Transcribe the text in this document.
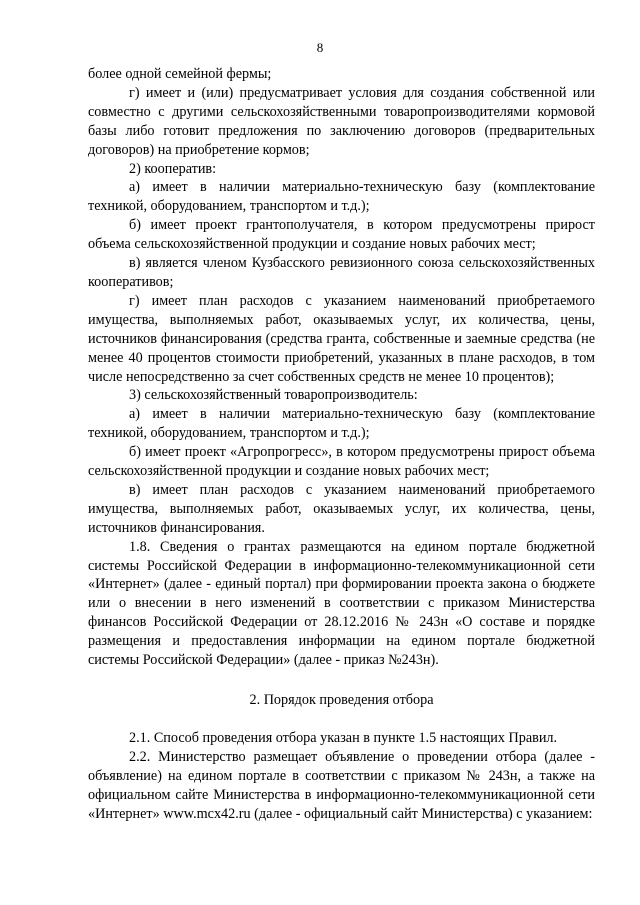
8

более одной семейной фермы;

г) имеет и (или) предусматривает условия для создания собственной или совместно с другими сельскохозяйственными товаропроизводителями кормовой базы либо готовит предложения по заключению договоров (предварительных договоров) на приобретение кормов;

2) кооператив:

а) имеет в наличии материально-техническую базу (комплектование техникой, оборудованием, транспортом и т.д.);

б) имеет проект грантополучателя, в котором предусмотрены прирост объема сельскохозяйственной продукции и создание новых рабочих мест;

в) является членом Кузбасского ревизионного союза сельскохозяйственных кооперативов;

г) имеет план расходов с указанием наименований приобретаемого имущества, выполняемых работ, оказываемых услуг, их количества, цены, источников финансирования (средства гранта, собственные и заемные средства (не менее 40 процентов стоимости приобретений, указанных в плане расходов, в том числе непосредственно за счет собственных средств не менее 10 процентов);

3) сельскохозяйственный товаропроизводитель:

а) имеет в наличии материально-техническую базу (комплектование техникой, оборудованием, транспортом и т.д.);

б) имеет проект «Агропрогресс», в котором предусмотрены прирост объема сельскохозяйственной продукции и создание новых рабочих мест;

в) имеет план расходов с указанием наименований приобретаемого имущества, выполняемых работ, оказываемых услуг, их количества, цены, источников финансирования.

1.8. Сведения о грантах размещаются на едином портале бюджетной системы Российской Федерации в информационно-телекоммуникационной сети «Интернет» (далее - единый портал) при формировании проекта закона о бюджете или о внесении в него изменений в соответствии с приказом Министерства финансов Российской Федерации от 28.12.2016 № 243н «О составе и порядке размещения и предоставления информации на едином портале бюджетной системы Российской Федерации» (далее - приказ №243н).

2. Порядок проведения отбора

2.1. Способ проведения отбора указан в пункте 1.5 настоящих Правил.

2.2. Министерство размещает объявление о проведении отбора (далее - объявление) на едином портале в соответствии с приказом № 243н, а также на официальном сайте Министерства в информационно-телекоммуникационной сети «Интернет» www.mcx42.ru (далее - официальный сайт Министерства) с указанием:
